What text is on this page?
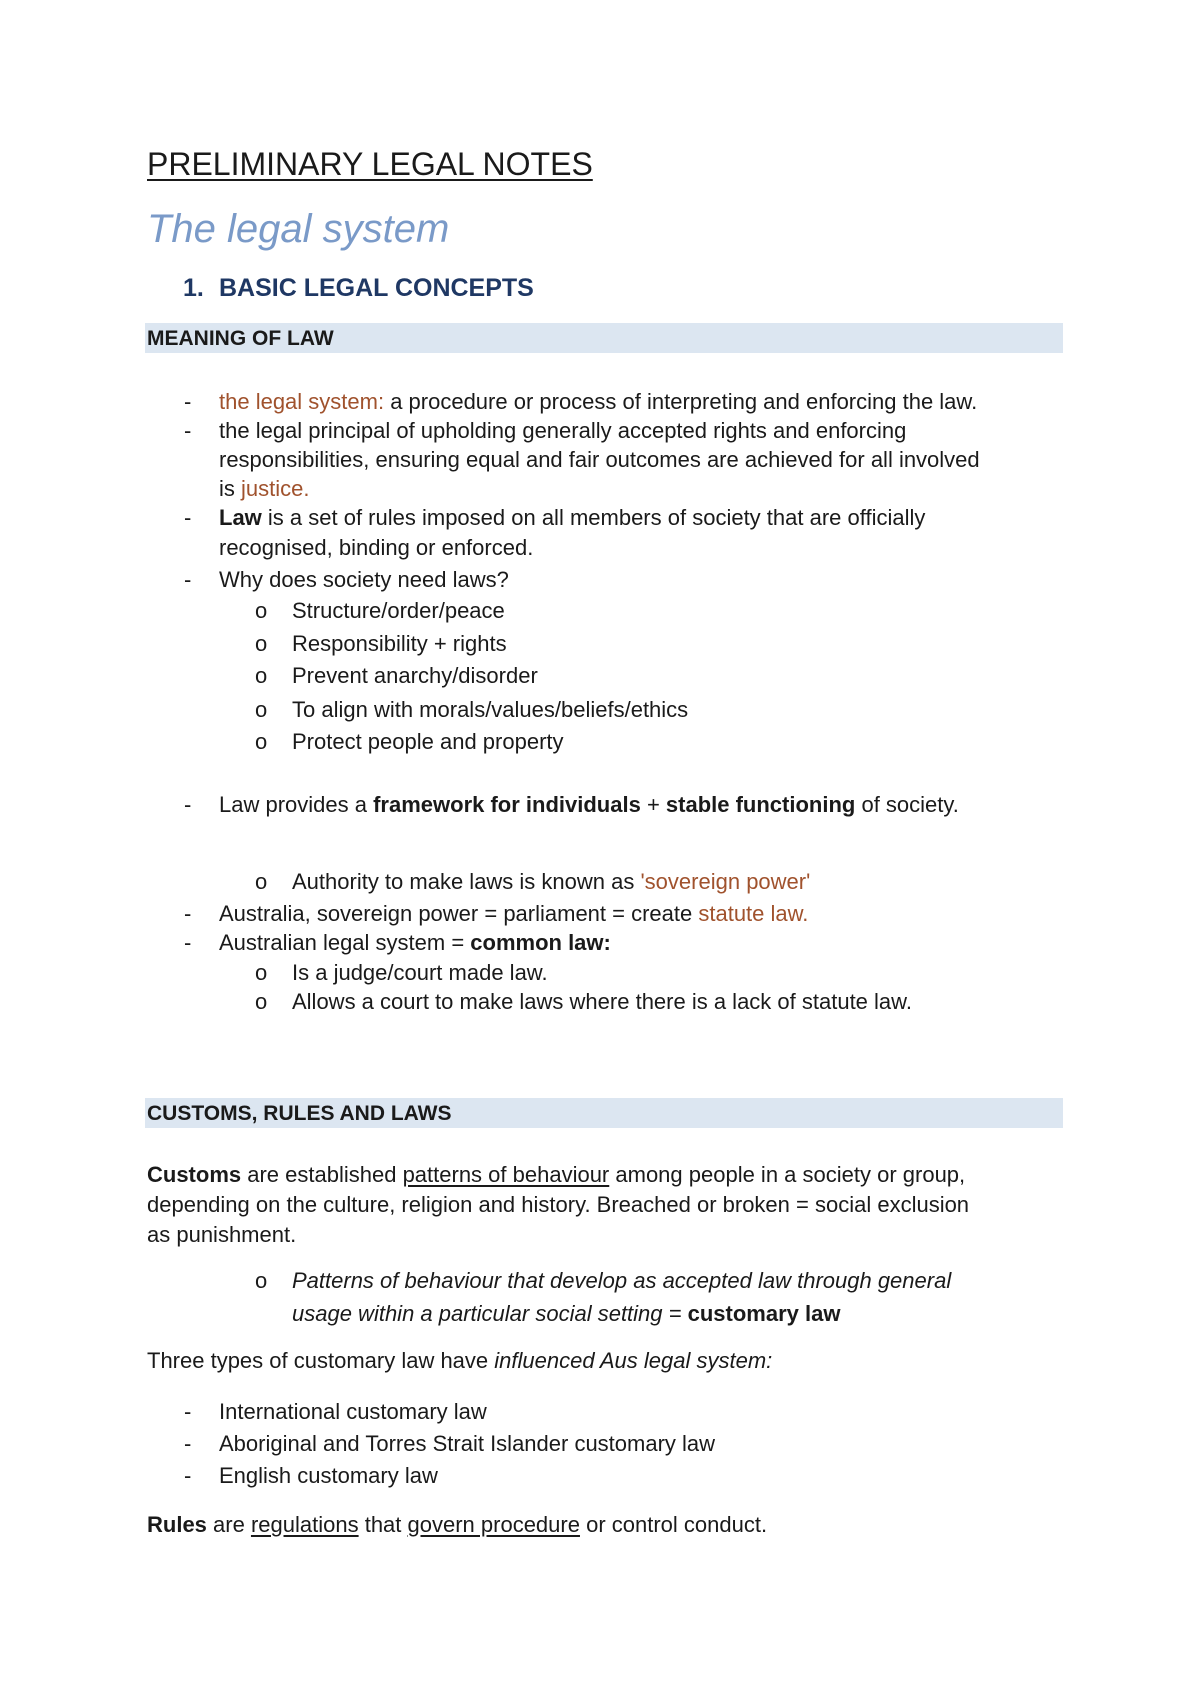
PRELIMINARY LEGAL NOTES
The legal system
1. BASIC LEGAL CONCEPTS
MEANING OF LAW
- the legal system: a procedure or process of interpreting and enforcing the law.
- the legal principal of upholding generally accepted rights and enforcing
responsibilities, ensuring equal and fair outcomes are achieved for all involved
is justice.
- Law is a set of rules imposed on all members of society that are officially
recognised, binding or enforced.
- Why does society need laws?
o Structure/order/peace
o Responsibility + rights
o Prevent anarchy/disorder
o To align with morals/values/beliefs/ethics
o Protect people and property
- Law provides a framework for individuals + stable functioning of society.
o Authority to make laws is known as 'sovereign power'
- Australia, sovereign power = parliament = create statute law.
- Australian legal system = common law:
o Is a judge/court made law.
o Allows a court to make laws where there is a lack of statute law.
CUSTOMS, RULES AND LAWS
Customs are established patterns of behaviour among people in a society or group,
depending on the culture, religion and history. Breached or broken = social exclusion
as punishment.
o Patterns of behaviour that develop as accepted law through general
usage within a particular social setting = customary law
Three types of customary law have influenced Aus legal system:
- International customary law
- Aboriginal and Torres Strait Islander customary law
- English customary law
Rules are regulations that govern procedure or control conduct.
